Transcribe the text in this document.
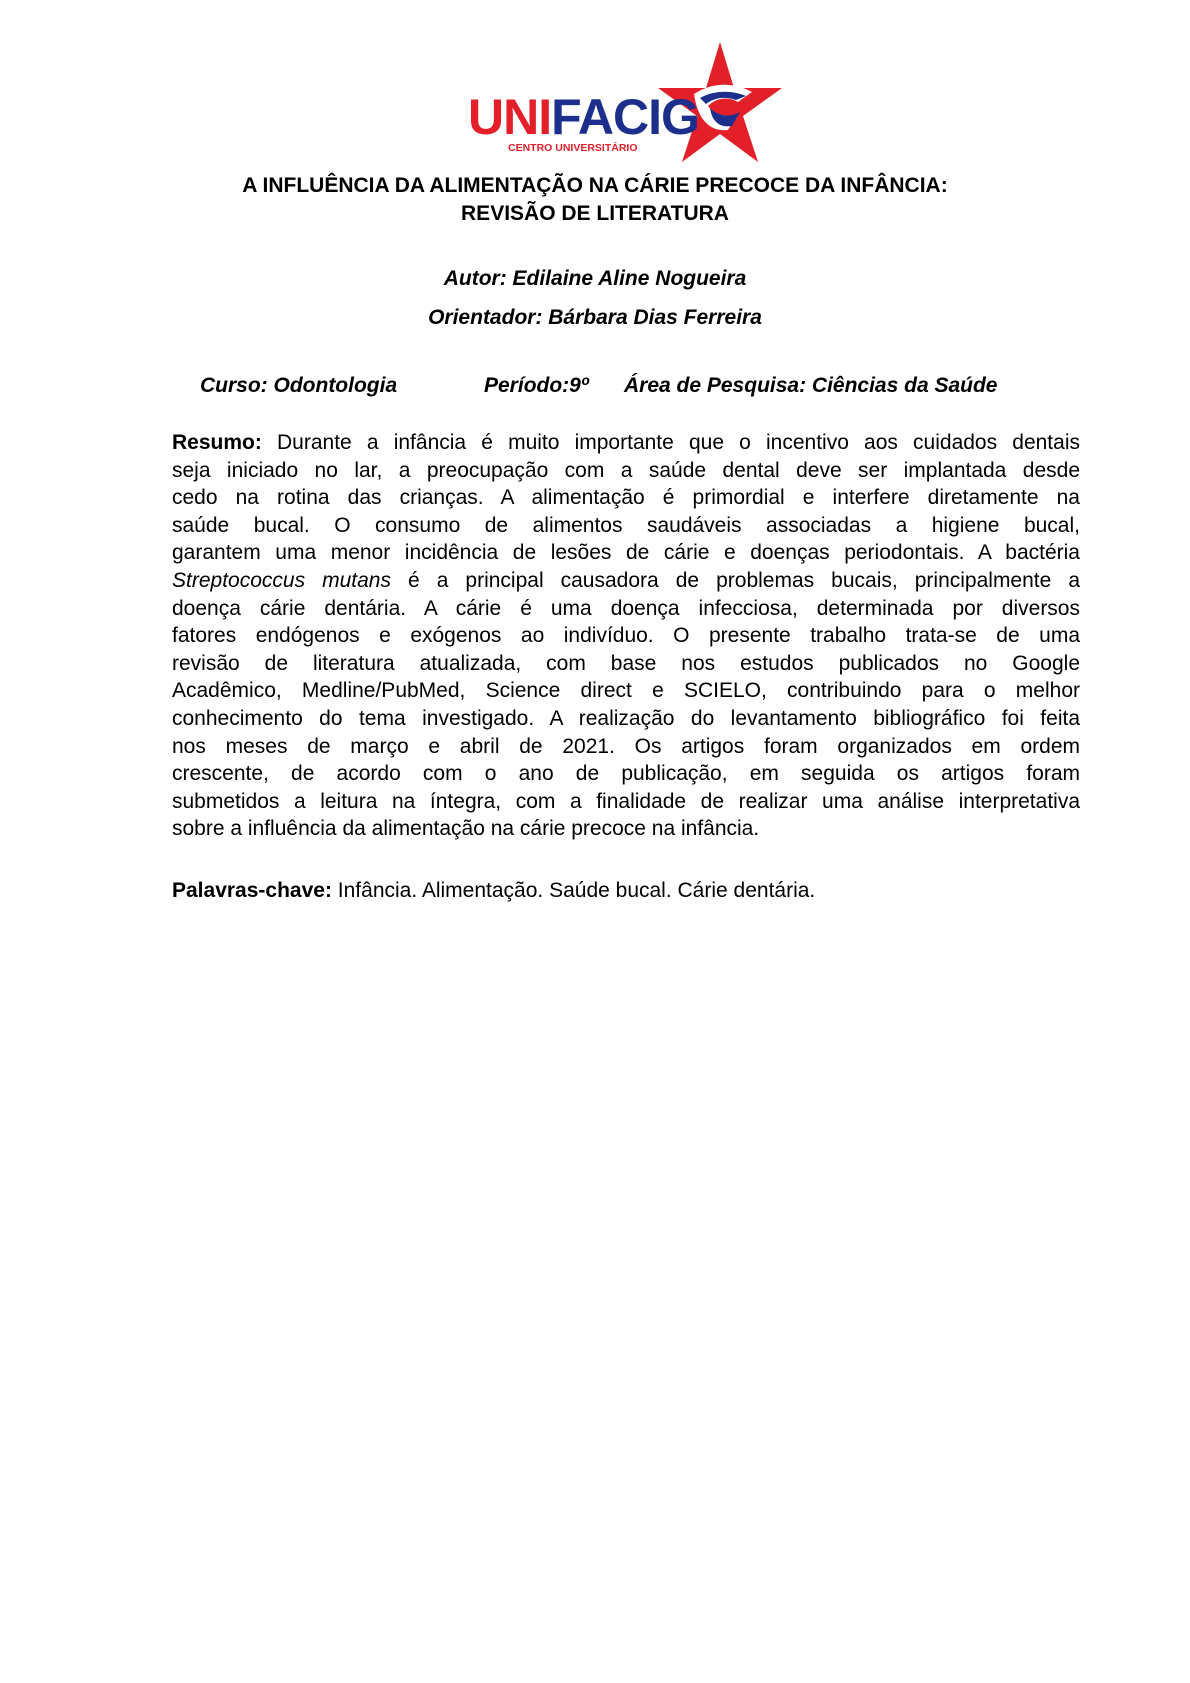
UNIFACIG
CENTRO UNIVERSITÁRIO
A INFLUÊNCIA DA ALIMENTAÇÃO NA CÁRIE PRECOCE DA INFÂNCIA:
REVISÃO DE LITERATURA
Autor: Edilaine Aline Nogueira
Orientador: Bárbara Dias Ferreira
Curso: Odontologia	Período:9º Área de Pesquisa: Ciências da Saúde
Resumo: Durante a infância é muito importante que o incentivo aos cuidados dentais
seja iniciado no lar, a preocupação com a saúde dental deve ser implantada desde
cedo na rotina das crianças. A alimentação é primordial e interfere diretamente na
saúde bucal. O consumo de alimentos saudáveis associadas a higiene bucal,
garantem uma menor incidência de lesões de cárie e doenças periodontais. A bactéria
Streptococcus mutans é a principal causadora de problemas bucais, principalmente a
doença cárie dentária. A cárie é uma doença infecciosa, determinada por diversos
fatores endógenos e exógenos ao indivíduo. O presente trabalho trata-se de uma
revisão de literatura atualizada, com base nos estudos publicados no Google
Acadêmico, Medline/PubMed, Science direct e SCIELO, contribuindo para o melhor
conhecimento do tema investigado. A realização do levantamento bibliográfico foi feita
nos meses de março e abril de 2021. Os artigos foram organizados em ordem
crescente, de acordo com o ano de publicação, em seguida os artigos foram
submetidos a leitura na íntegra, com a finalidade de realizar uma análise interpretativa
sobre a influência da alimentação na cárie precoce na infância.
Palavras-chave: Infância. Alimentação. Saúde bucal. Cárie dentária.
